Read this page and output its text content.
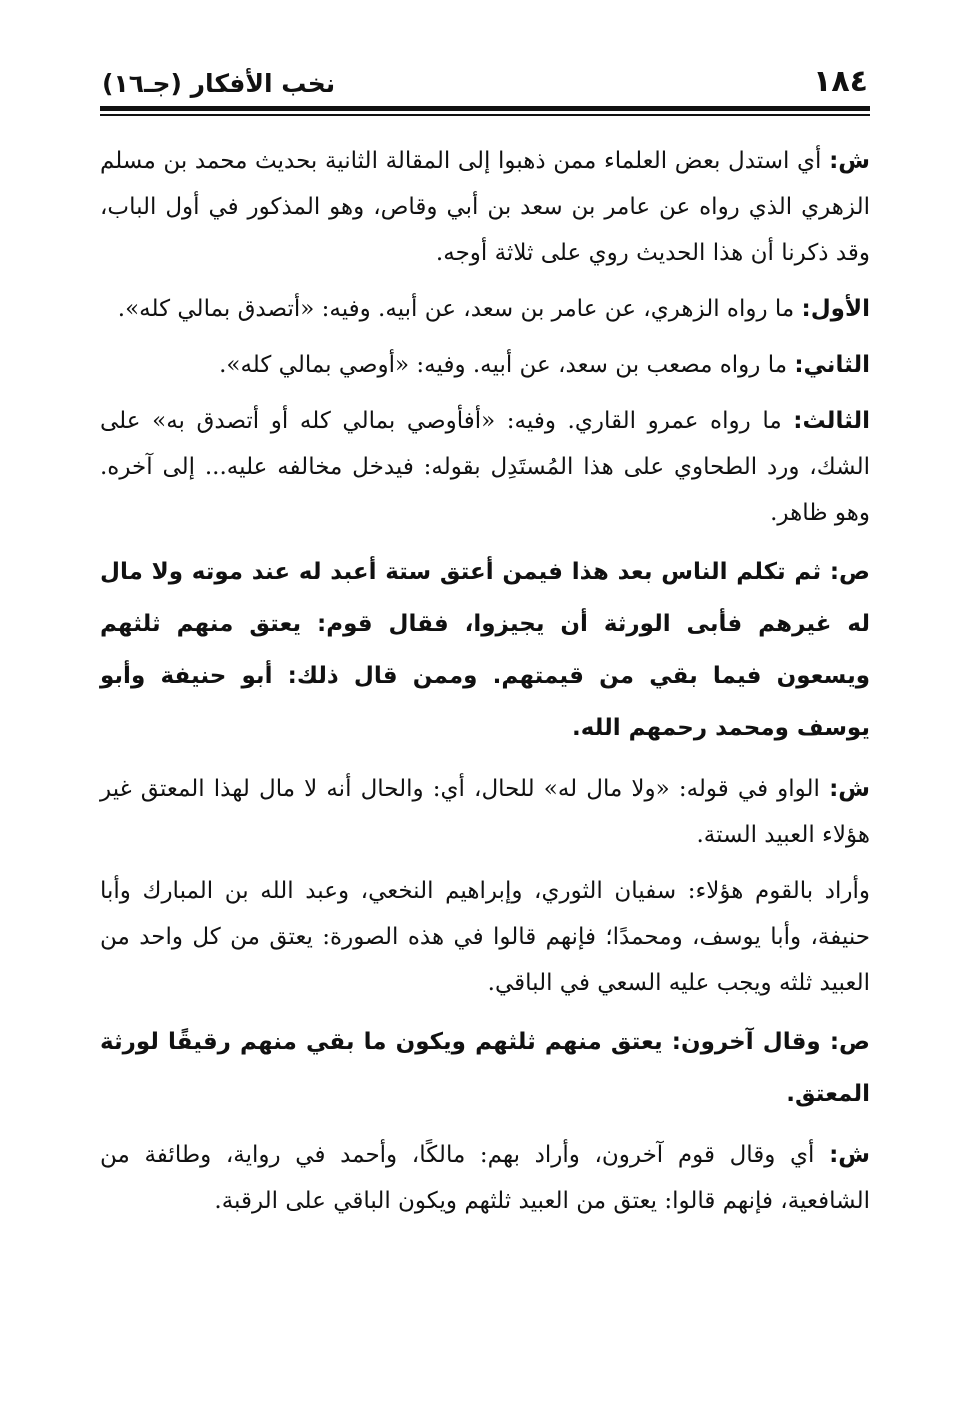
١٨٤
نخب الأفكار (جـ١٦)

ش: أي استدل بعض العلماء ممن ذهبوا إلى المقالة الثانية بحديث محمد بن مسلم الزهري الذي رواه عن عامر بن سعد بن أبي وقاص، وهو المذكور في أول الباب، وقد ذكرنا أن هذا الحديث روي على ثلاثة أوجه.

الأول: ما رواه الزهري، عن عامر بن سعد، عن أبيه. وفيه: «أتصدق بمالي كله».

الثاني: ما رواه مصعب بن سعد، عن أبيه. وفيه: «أوصي بمالي كله».

الثالث: ما رواه عمرو القاري. وفيه: «أفأوصي بمالي كله أو أتصدق به» على الشك، ورد الطحاوي على هذا المُستَدِل بقوله: فيدخل مخالفه عليه... إلى آخره. وهو ظاهر.

ص: ثم تكلم الناس بعد هذا فيمن أعتق ستة أعبد له عند موته ولا مال له غيرهم فأبى الورثة أن يجيزوا، فقال قوم: يعتق منهم ثلثهم ويسعون فيما بقي من قيمتهم. وممن قال ذلك: أبو حنيفة وأبو يوسف ومحمد رحمهم الله.

ش: الواو في قوله: «ولا مال له» للحال، أي: والحال أنه لا مال لهذا المعتق غير هؤلاء العبيد الستة.

وأراد بالقوم هؤلاء: سفيان الثوري، وإبراهيم النخعي، وعبد الله بن المبارك وأبا حنيفة، وأبا يوسف، ومحمدًا؛ فإنهم قالوا في هذه الصورة: يعتق من كل واحد من العبيد ثلثه ويجب عليه السعي في الباقي.

ص: وقال آخرون: يعتق منهم ثلثهم ويكون ما بقي منهم رقيقًا لورثة المعتق.

ش: أي وقال قوم آخرون، وأراد بهم: مالكًا، وأحمد في رواية، وطائفة من الشافعية، فإنهم قالوا: يعتق من العبيد ثلثهم ويكون الباقي على الرقبة.
